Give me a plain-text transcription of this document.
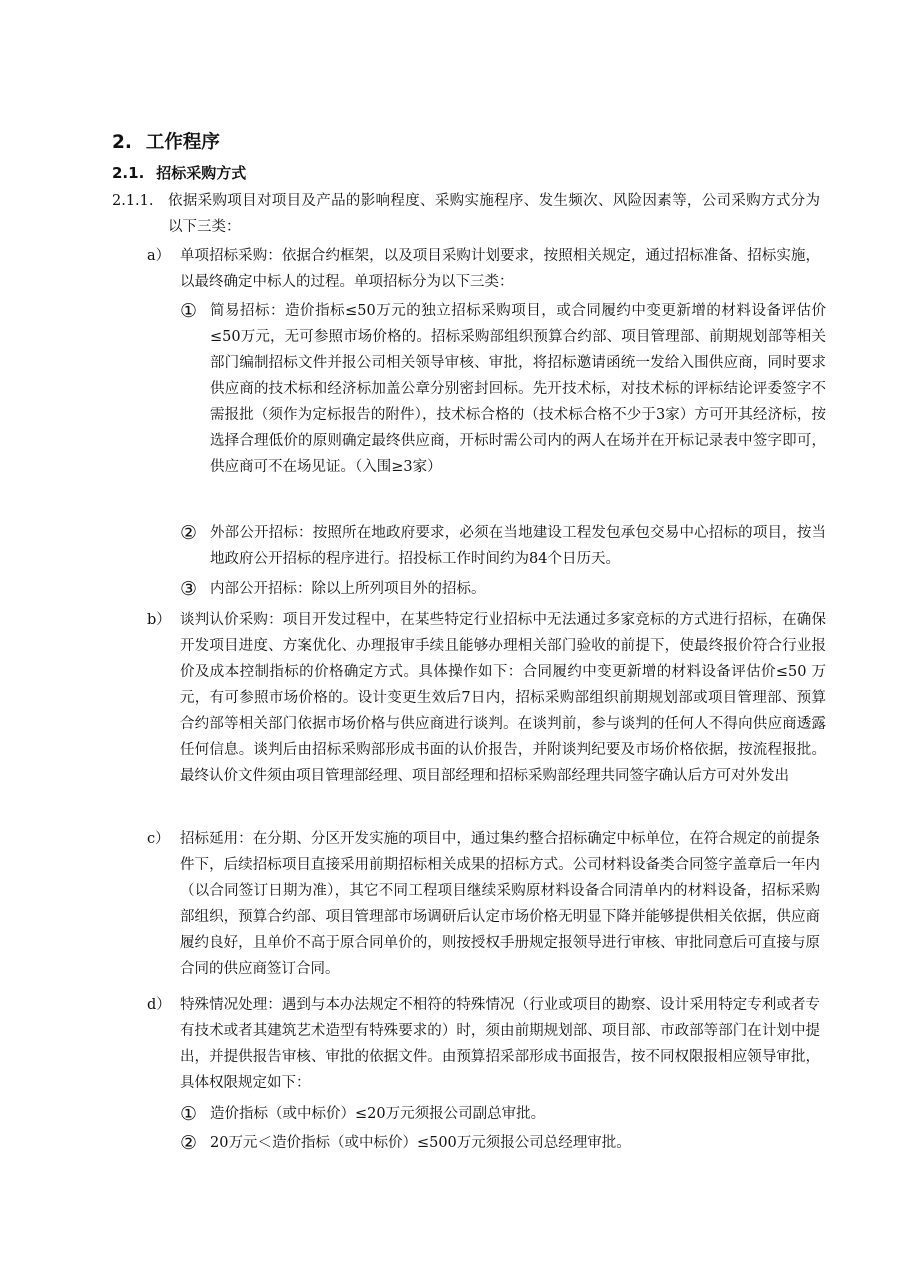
2. 工作程序
2.1. 招标采购方式
2.1.1. 依据采购项目对项目及产品的影响程度、采购实施程序、发生频次、风险因素等，公司采购方式分为以下三类：
a） 单项招标采购：依据合约框架，以及项目采购计划要求，按照相关规定，通过招标准备、招标实施，以最终确定中标人的过程。单项招标分为以下三类：
① 简易招标：造价指标≤50万元的独立招标采购项目，或合同履约中变更新增的材料设备评估价≤50万元，无可参照市场价格的。招标采购部组织预算合约部、项目管理部、前期规划部等相关部门编制招标文件并报公司相关领导审核、审批，将招标邀请函统一发给入围供应商，同时要求供应商的技术标和经济标加盖公章分别密封回标。先开技术标，对技术标的评标结论评委签字不需报批（须作为定标报告的附件），技术标合格的（技术标合格不少于3家）方可开其经济标，按选择合理低价的原则确定最终供应商，开标时需公司内的两人在场并在开标记录表中签字即可，供应商可不在场见证。（入围≥3家）
② 外部公开招标：按照所在地政府要求，必须在当地建设工程发包承包交易中心招标的项目，按当地政府公开招标的程序进行。招投标工作时间约为84个日历天。
③ 内部公开招标：除以上所列项目外的招标。
b） 谈判认价采购：项目开发过程中，在某些特定行业招标中无法通过多家竞标的方式进行招标，在确保开发项目进度、方案优化、办理报审手续且能够办理相关部门验收的前提下，使最终报价符合行业报价及成本控制指标的价格确定方式。具体操作如下：合同履约中变更新增的材料设备评估价≤50 万元，有可参照市场价格的。设计变更生效后7日内，招标采购部组织前期规划部或项目管理部、预算合约部等相关部门依据市场价格与供应商进行谈判。在谈判前，参与谈判的任何人不得向供应商透露任何信息。谈判后由招标采购部形成书面的认价报告，并附谈判纪要及市场价格依据，按流程报批。最终认价文件须由项目管理部经理、项目部经理和招标采购部经理共同签字确认后方可对外发出
c） 招标延用：在分期、分区开发实施的项目中，通过集约整合招标确定中标单位，在符合规定的前提条件下，后续招标项目直接采用前期招标相关成果的招标方式。公司材料设备类合同签字盖章后一年内（以合同签订日期为准），其它不同工程项目继续采购原材料设备合同清单内的材料设备，招标采购部组织，预算合约部、项目管理部市场调研后认定市场价格无明显下降并能够提供相关依据，供应商履约良好，且单价不高于原合同单价的，则按授权手册规定报领导进行审核、审批同意后可直接与原合同的供应商签订合同。
d） 特殊情况处理：遇到与本办法规定不相符的特殊情况（行业或项目的勘察、设计采用特定专利或者专有技术或者其建筑艺术造型有特殊要求的）时，须由前期规划部、项目部、市政部等部门在计划中提出，并提供报告审核、审批的依据文件。由预算招采部形成书面报告，按不同权限报相应领导审批，具体权限规定如下：
① 造价指标（或中标价）≤20万元须报公司副总审批。
② 20万元＜造价指标（或中标价）≤500万元须报公司总经理审批。
